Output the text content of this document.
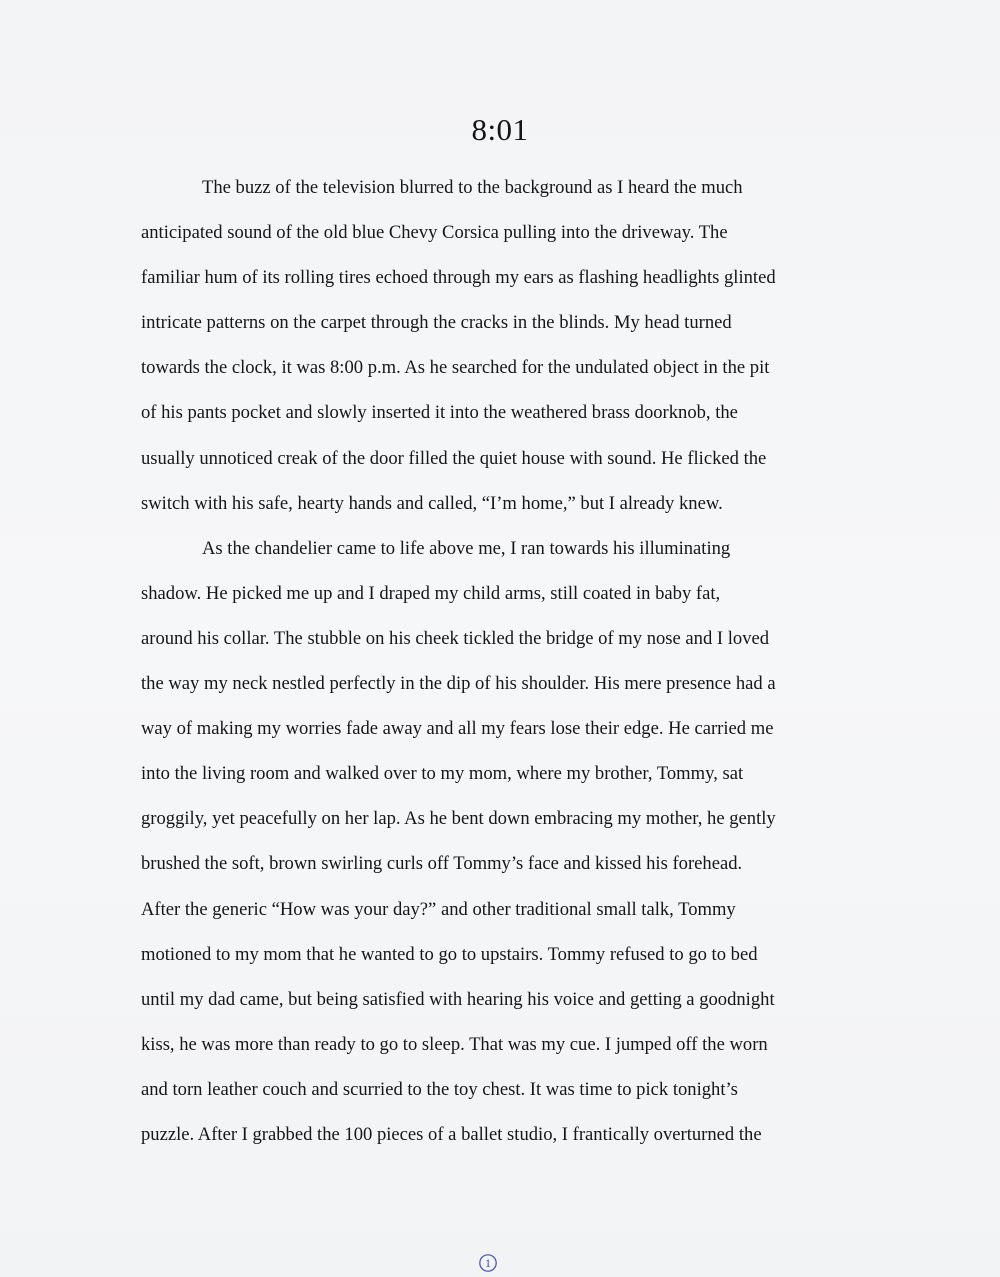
8:01
The buzz of the television blurred to the background as I heard the much
anticipated sound of the old blue Chevy Corsica pulling into the driveway. The
familiar hum of its rolling tires echoed through my ears as flashing headlights glinted
intricate patterns on the carpet through the cracks in the blinds. My head turned
towards the clock, it was 8:00 p.m. As he searched for the undulated object in the pit
of his pants pocket and slowly inserted it into the weathered brass doorknob, the
usually unnoticed creak of the door filled the quiet house with sound. He flicked the
switch with his safe, hearty hands and called, “I’m home,” but I already knew.
As the chandelier came to life above me, I ran towards his illuminating
shadow. He picked me up and I draped my child arms, still coated in baby fat,
around his collar. The stubble on his cheek tickled the bridge of my nose and I loved
the way my neck nestled perfectly in the dip of his shoulder. His mere presence had a
way of making my worries fade away and all my fears lose their edge. He carried me
into the living room and walked over to my mom, where my brother, Tommy, sat
groggily, yet peacefully on her lap. As he bent down embracing my mother, he gently
brushed the soft, brown swirling curls off Tommy’s face and kissed his forehead.
After the generic “How was your day?” and other traditional small talk, Tommy
motioned to my mom that he wanted to go to upstairs. Tommy refused to go to bed
until my dad came, but being satisfied with hearing his voice and getting a goodnight
kiss, he was more than ready to go to sleep. That was my cue. I jumped off the worn
and torn leather couch and scurried to the toy chest. It was time to pick tonight’s
puzzle. After I grabbed the 100 pieces of a ballet studio, I frantically overturned the
1
